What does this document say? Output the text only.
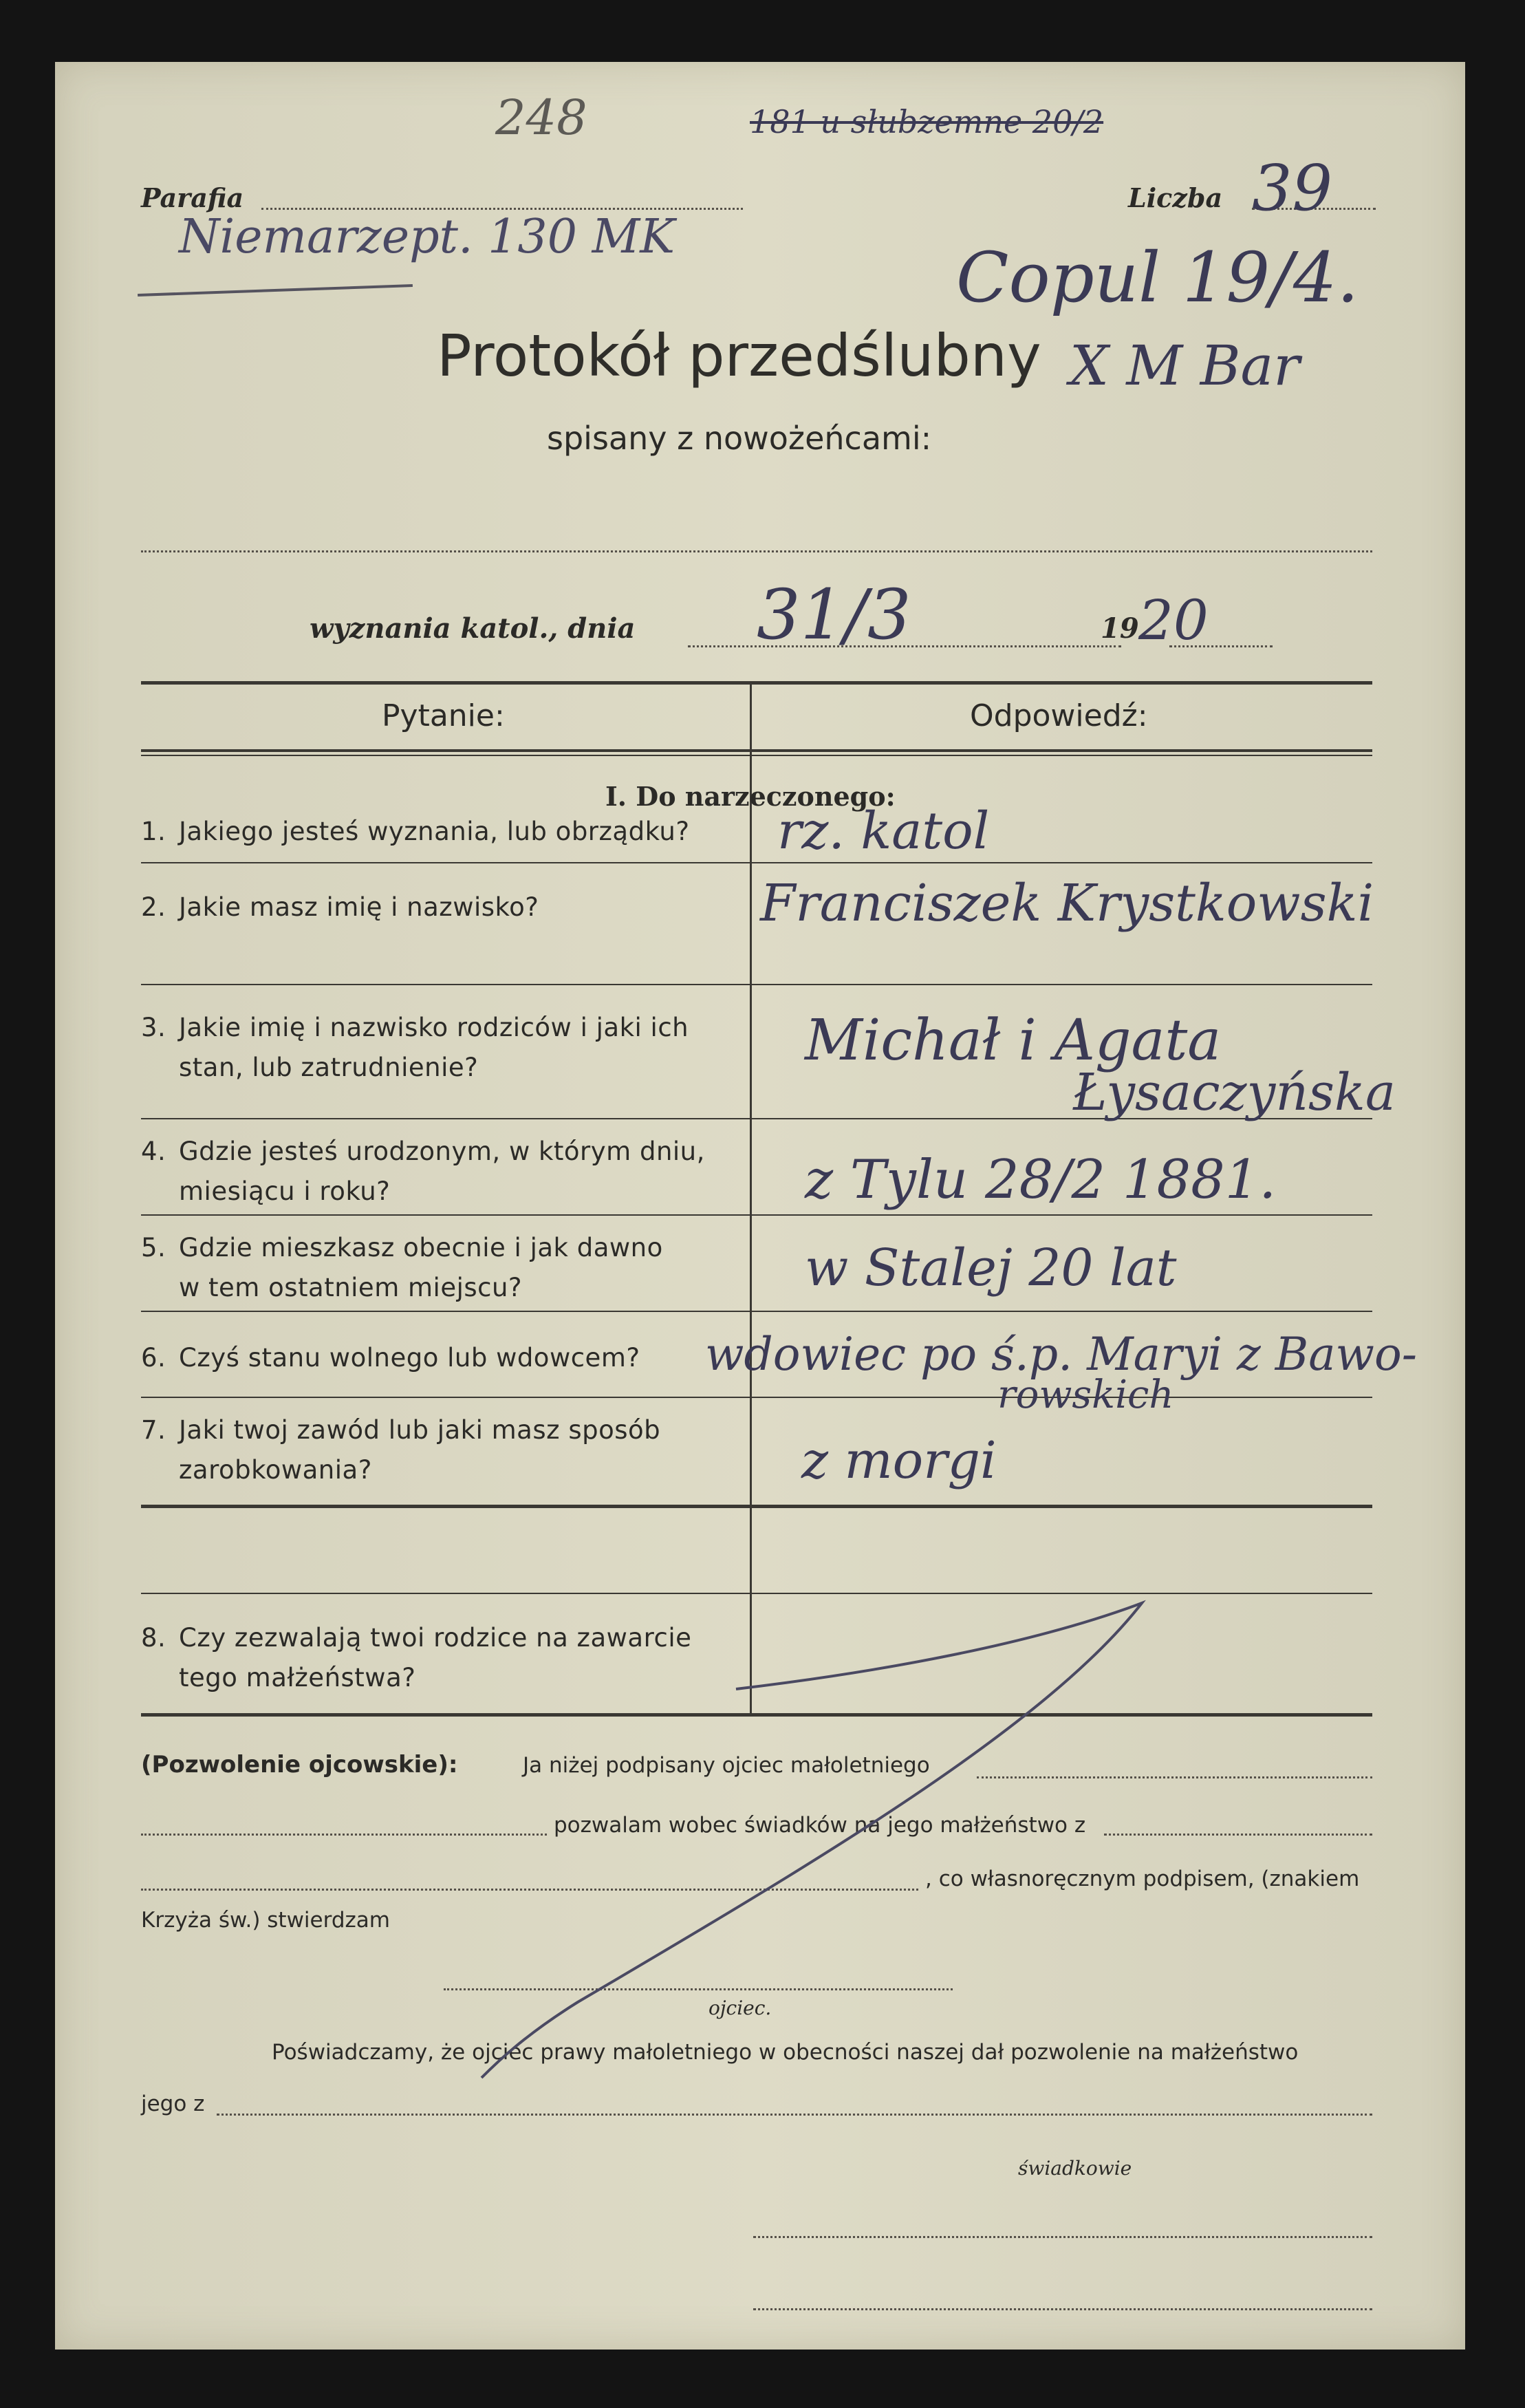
248	181 u słubzemne 20/2
Parafia
Niemarzept. 130 MK
Liczba 39
Copul 19/4.
Protokół przedślubny X M Bar
spisany z nowożeńcami:
wyznania katol., dnia 31/3	19 20
Pytanie:	Odpowiedź:
I. Do narzeczonego:
1. Jakiego jesteś wyznania, lub obrządku? rz. katol
2. Jakie masz imię i nazwisko?	Franciszek Krystkowski
3. Jakie imię i nazwisko rodziców i jaki ich
stan, lub zatrudnienie?	Michał i Agata
Łysaczyńska
4. Gdzie jesteś urodzonym, w którym dniu,
miesiącu i roku?	z Tylu 28/2 1881.
5. Gdzie mieszkasz obecnie i jak dawno
w tem ostatniem miejscu?	w Stalej 20 lat
6. Czyś stanu wolnego lub wdowcem? wdowiec po ś.p. Maryi z Bawo-
rowskich
7. Jaki twoj zawód lub jaki masz sposób
zarobkowania?	z morgi
8. Czy zezwalają twoi rodzice na zawarcie
tego małżeństwa?
(Pozwolenie ojcowskie):	Ja niżej podpisany ojciec małoletniego
pozwalam wobec świadków na jego małżeństwo z
, co własnoręcznym podpisem, (znakiem
Krzyża św.) stwierdzam
ojciec.
Poświadczamy, że ojciec prawy małoletniego w obecności naszej dał pozwolenie na małżeństwo
jego z
świadkowie
